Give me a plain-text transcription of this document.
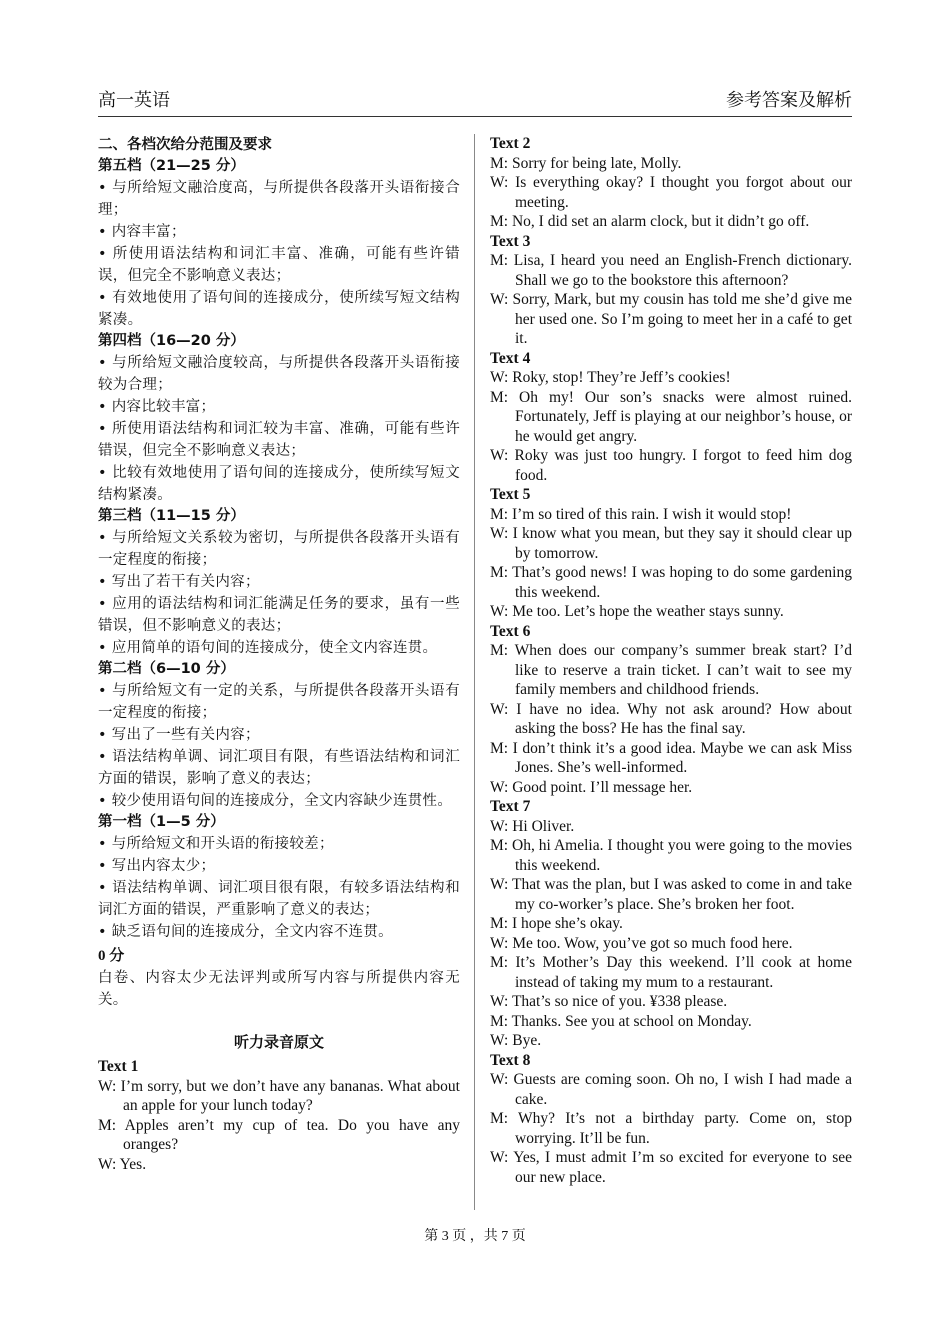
高一英语	参考答案及解析
二、各档次给分范围及要求
第五档（21—25 分）
• 与所给短文融洽度高，与所提供各段落开头语衔接合理；
• 内容丰富；
• 所使用语法结构和词汇丰富、准确，可能有些许错误，但完全不影响意义表达；
• 有效地使用了语句间的连接成分，使所续写短文结构紧凑。
第四档（16—20 分）
• 与所给短文融洽度较高，与所提供各段落开头语衔接较为合理；
• 内容比较丰富；
• 所使用语法结构和词汇较为丰富、准确，可能有些许错误，但完全不影响意义表达；
• 比较有效地使用了语句间的连接成分，使所续写短文结构紧凑。
第三档（11—15 分）
• 与所给短文关系较为密切，与所提供各段落开头语有一定程度的衔接；
• 写出了若干有关内容；
• 应用的语法结构和词汇能满足任务的要求，虽有一些错误，但不影响意义的表达；
• 应用简单的语句间的连接成分，使全文内容连贯。
第二档（6—10 分）
• 与所给短文有一定的关系，与所提供各段落开头语有一定程度的衔接；
• 写出了一些有关内容；
• 语法结构单调、词汇项目有限，有些语法结构和词汇方面的错误，影响了意义的表达；
• 较少使用语句间的连接成分，全文内容缺少连贯性。
第一档（1—5 分）
• 与所给短文和开头语的衔接较差；
• 写出内容太少；
• 语法结构单调、词汇项目很有限，有较多语法结构和词汇方面的错误，严重影响了意义的表达；
• 缺乏语句间的连接成分，全文内容不连贯。
0 分
白卷、内容太少无法评判或所写内容与所提供内容无关。
听力录音原文
Text 1
W: I’m sorry, but we don’t have any bananas. What about an apple for your lunch today?
M: Apples aren’t my cup of tea. Do you have any oranges?
W: Yes.
Text 2
M: Sorry for being late, Molly.
W: Is everything okay? I thought you forgot about our meeting.
M: No, I did set an alarm clock, but it didn’t go off.
Text 3
M: Lisa, I heard you need an English-French dictionary. Shall we go to the bookstore this afternoon?
W: Sorry, Mark, but my cousin has told me she’d give me her used one. So I’m going to meet her in a café to get it.
Text 4
W: Roky, stop! They’re Jeff’s cookies!
M: Oh my! Our son’s snacks were almost ruined. Fortunately, Jeff is playing at our neighbor’s house, or he would get angry.
W: Roky was just too hungry. I forgot to feed him dog food.
Text 5
M: I’m so tired of this rain. I wish it would stop!
W: I know what you mean, but they say it should clear up by tomorrow.
M: That’s good news! I was hoping to do some gardening this weekend.
W: Me too. Let’s hope the weather stays sunny.
Text 6
M: When does our company’s summer break start? I’d like to reserve a train ticket. I can’t wait to see my family members and childhood friends.
W: I have no idea. Why not ask around? How about asking the boss? He has the final say.
M: I don’t think it’s a good idea. Maybe we can ask Miss Jones. She’s well-informed.
W: Good point. I’ll message her.
Text 7
W: Hi Oliver.
M: Oh, hi Amelia. I thought you were going to the movies this weekend.
W: That was the plan, but I was asked to come in and take my co-worker’s place. She’s broken her foot.
M: I hope she’s okay.
W: Me too. Wow, you’ve got so much food here.
M: It’s Mother’s Day this weekend. I’ll cook at home instead of taking my mum to a restaurant.
W: That’s so nice of you. ¥338 please.
M: Thanks. See you at school on Monday.
W: Bye.
Text 8
W: Guests are coming soon. Oh no, I wish I had made a cake.
M: Why? It’s not a birthday party. Come on, stop worrying. It’ll be fun.
W: Yes, I must admit I’m so excited for everyone to see our new place.
第 3 页 ，共 7 页
